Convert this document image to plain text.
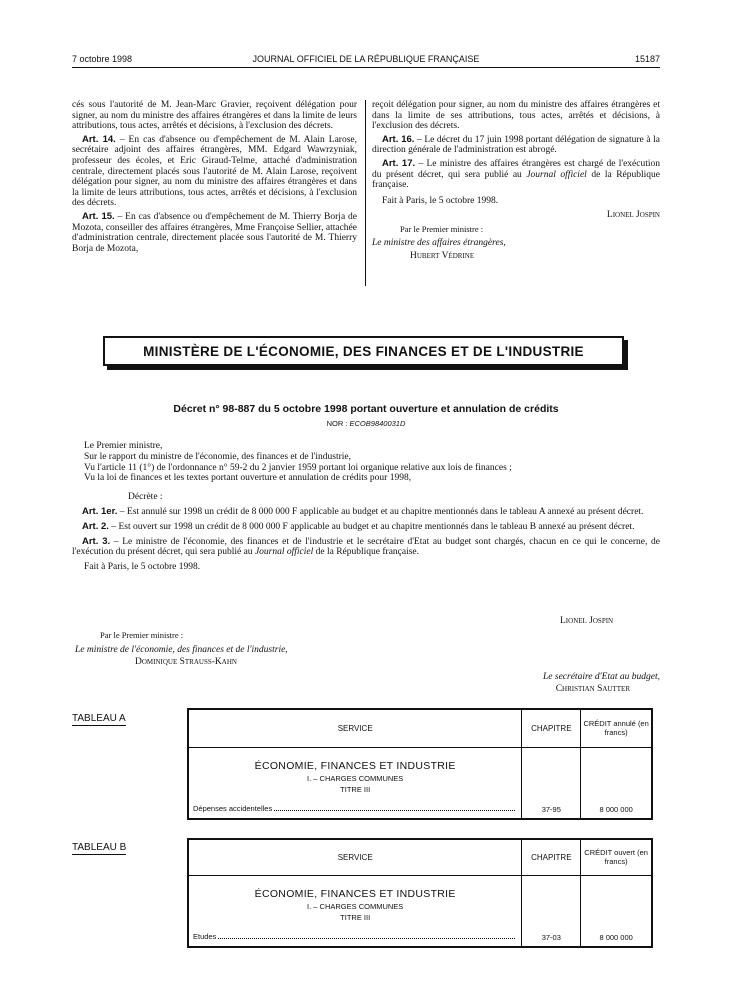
7 octobre 1998	JOURNAL OFFICIEL DE LA RÉPUBLIQUE FRANÇAISE	15187

cés sous l'autorité de M. Jean-Marc Gravier, reçoivent délégation pour signer, au nom du ministre des affaires étrangères et dans la limite de leurs attributions, tous actes, arrêtés et décisions, à l'exclusion des décrets.

Art. 14. – En cas d'absence ou d'empêchement de M. Alain Larose, secrétaire adjoint des affaires étrangères, MM. Edgard Wawrzyniak, professeur des écoles, et Eric Giraud-Telme, attaché d'administration centrale, directement placés sous l'autorité de M. Alain Larose, reçoivent délégation pour signer, au nom du ministre des affaires étrangères et dans la limite de leurs attributions, tous actes, arrêtés et décisions, à l'exclusion des décrets.

Art. 15. – En cas d'absence ou d'empêchement de M. Thierry Borja de Mozota, conseiller des affaires étrangères, Mme Françoise Sellier, attachée d'administration centrale, directement placée sous l'autorité de M. Thierry Borja de Mozota,

reçoit délégation pour signer, au nom du ministre des affaires étrangères et dans la limite de ses attributions, tous actes, arrêtés et décisions, à l'exclusion des décrets.

Art. 16. – Le décret du 17 juin 1998 portant délégation de signature à la direction générale de l'administration est abrogé.

Art. 17. – Le ministre des affaires étrangères est chargé de l'exécution du présent décret, qui sera publié au Journal officiel de la République française.

Fait à Paris, le 5 octobre 1998.

Lionel Jospin

Par le Premier ministre :

Le ministre des affaires étrangères,

Hubert Védrine

MINISTÈRE DE L'ÉCONOMIE, DES FINANCES ET DE L'INDUSTRIE
Décret n° 98-887 du 5 octobre 1998 portant ouverture et annulation de crédits
NOR : ECOB9840031D

Le Premier ministre,

Sur le rapport du ministre de l'économie, des finances et de l'industrie,

Vu l'article 11 (1°) de l'ordonnance n° 59-2 du 2 janvier 1959 portant loi organique relative aux lois de finances ;

Vu la loi de finances et les textes portant ouverture et annulation de crédits pour 1998,

Décrète :

Art. 1er. – Est annulé sur 1998 un crédit de 8 000 000 F applicable au budget et au chapitre mentionnés dans le tableau A annexé au présent décret.

Art. 2. – Est ouvert sur 1998 un crédit de 8 000 000 F applicable au budget et au chapitre mentionnés dans le tableau B annexé au présent décret.

Art. 3. – Le ministre de l'économie, des finances et de l'industrie et le secrétaire d'Etat au budget sont chargés, chacun en ce qui le concerne, de l'exécution du présent décret, qui sera publié au Journal officiel de la République française.

Fait à Paris, le 5 octobre 1998.

Lionel Jospin
Par le Premier ministre :
Le ministre de l'économie, des finances et de l'industrie,
Dominique Strauss-Kahn
Le secrétaire d'Etat au budget,
Christian Sautter
TABLEAU A
SERVICE	CHAPITRE	CRÉDIT annulé (en francs)

ÉCONOMIE, FINANCES ET INDUSTRIE
I. – CHARGES COMMUNES
TITRE III
Dépenses accidentelles	37-95	8 000 000
TABLEAU B
SERVICE	CHAPITRE	CRÉDIT ouvert (en francs)

ÉCONOMIE, FINANCES ET INDUSTRIE
I. – CHARGES COMMUNES
TITRE III
Etudes	37-03	8 000 000
